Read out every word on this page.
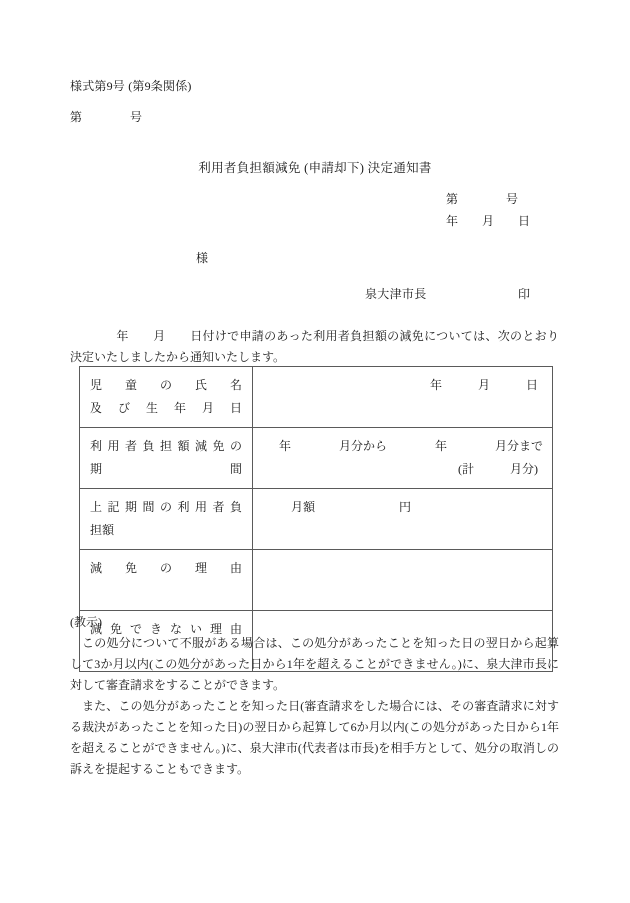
様式第9号 (第9条関係)
第　　　　号
利用者負担額減免 (申請却下) 決定通知書
第　　　　号
年　　月　　日
様
泉大津市長	印
年　　月　　日付けで申請のあった利用者負担額の減免については、次のとおり決定いたしましたから通知いたします。
児童の氏名
及び生年月日	年　　　月　　　日

利用者負担額減免の
期　　　　　　　間	　年　　　　月分から　　　　年　　　　月分まで
(計　　　月分)

上記期間の利用者負
担額	　　月額　　　　　　　円

減　免　の　理　由	

減免できない理由	

(教示)

この処分について不服がある場合は、この処分があったことを知った日の翌日から起算して3か月以内(この処分があった日から1年を超えることができません。)に、泉大津市長に対して審査請求をすることができます。

また、この処分があったことを知った日(審査請求をした場合には、その審査請求に対する裁決があったことを知った日)の翌日から起算して6か月以内(この処分があった日から1年を超えることができません。)に、泉大津市(代表者は市長)を相手方として、処分の取消しの訴えを提起することもできます。
